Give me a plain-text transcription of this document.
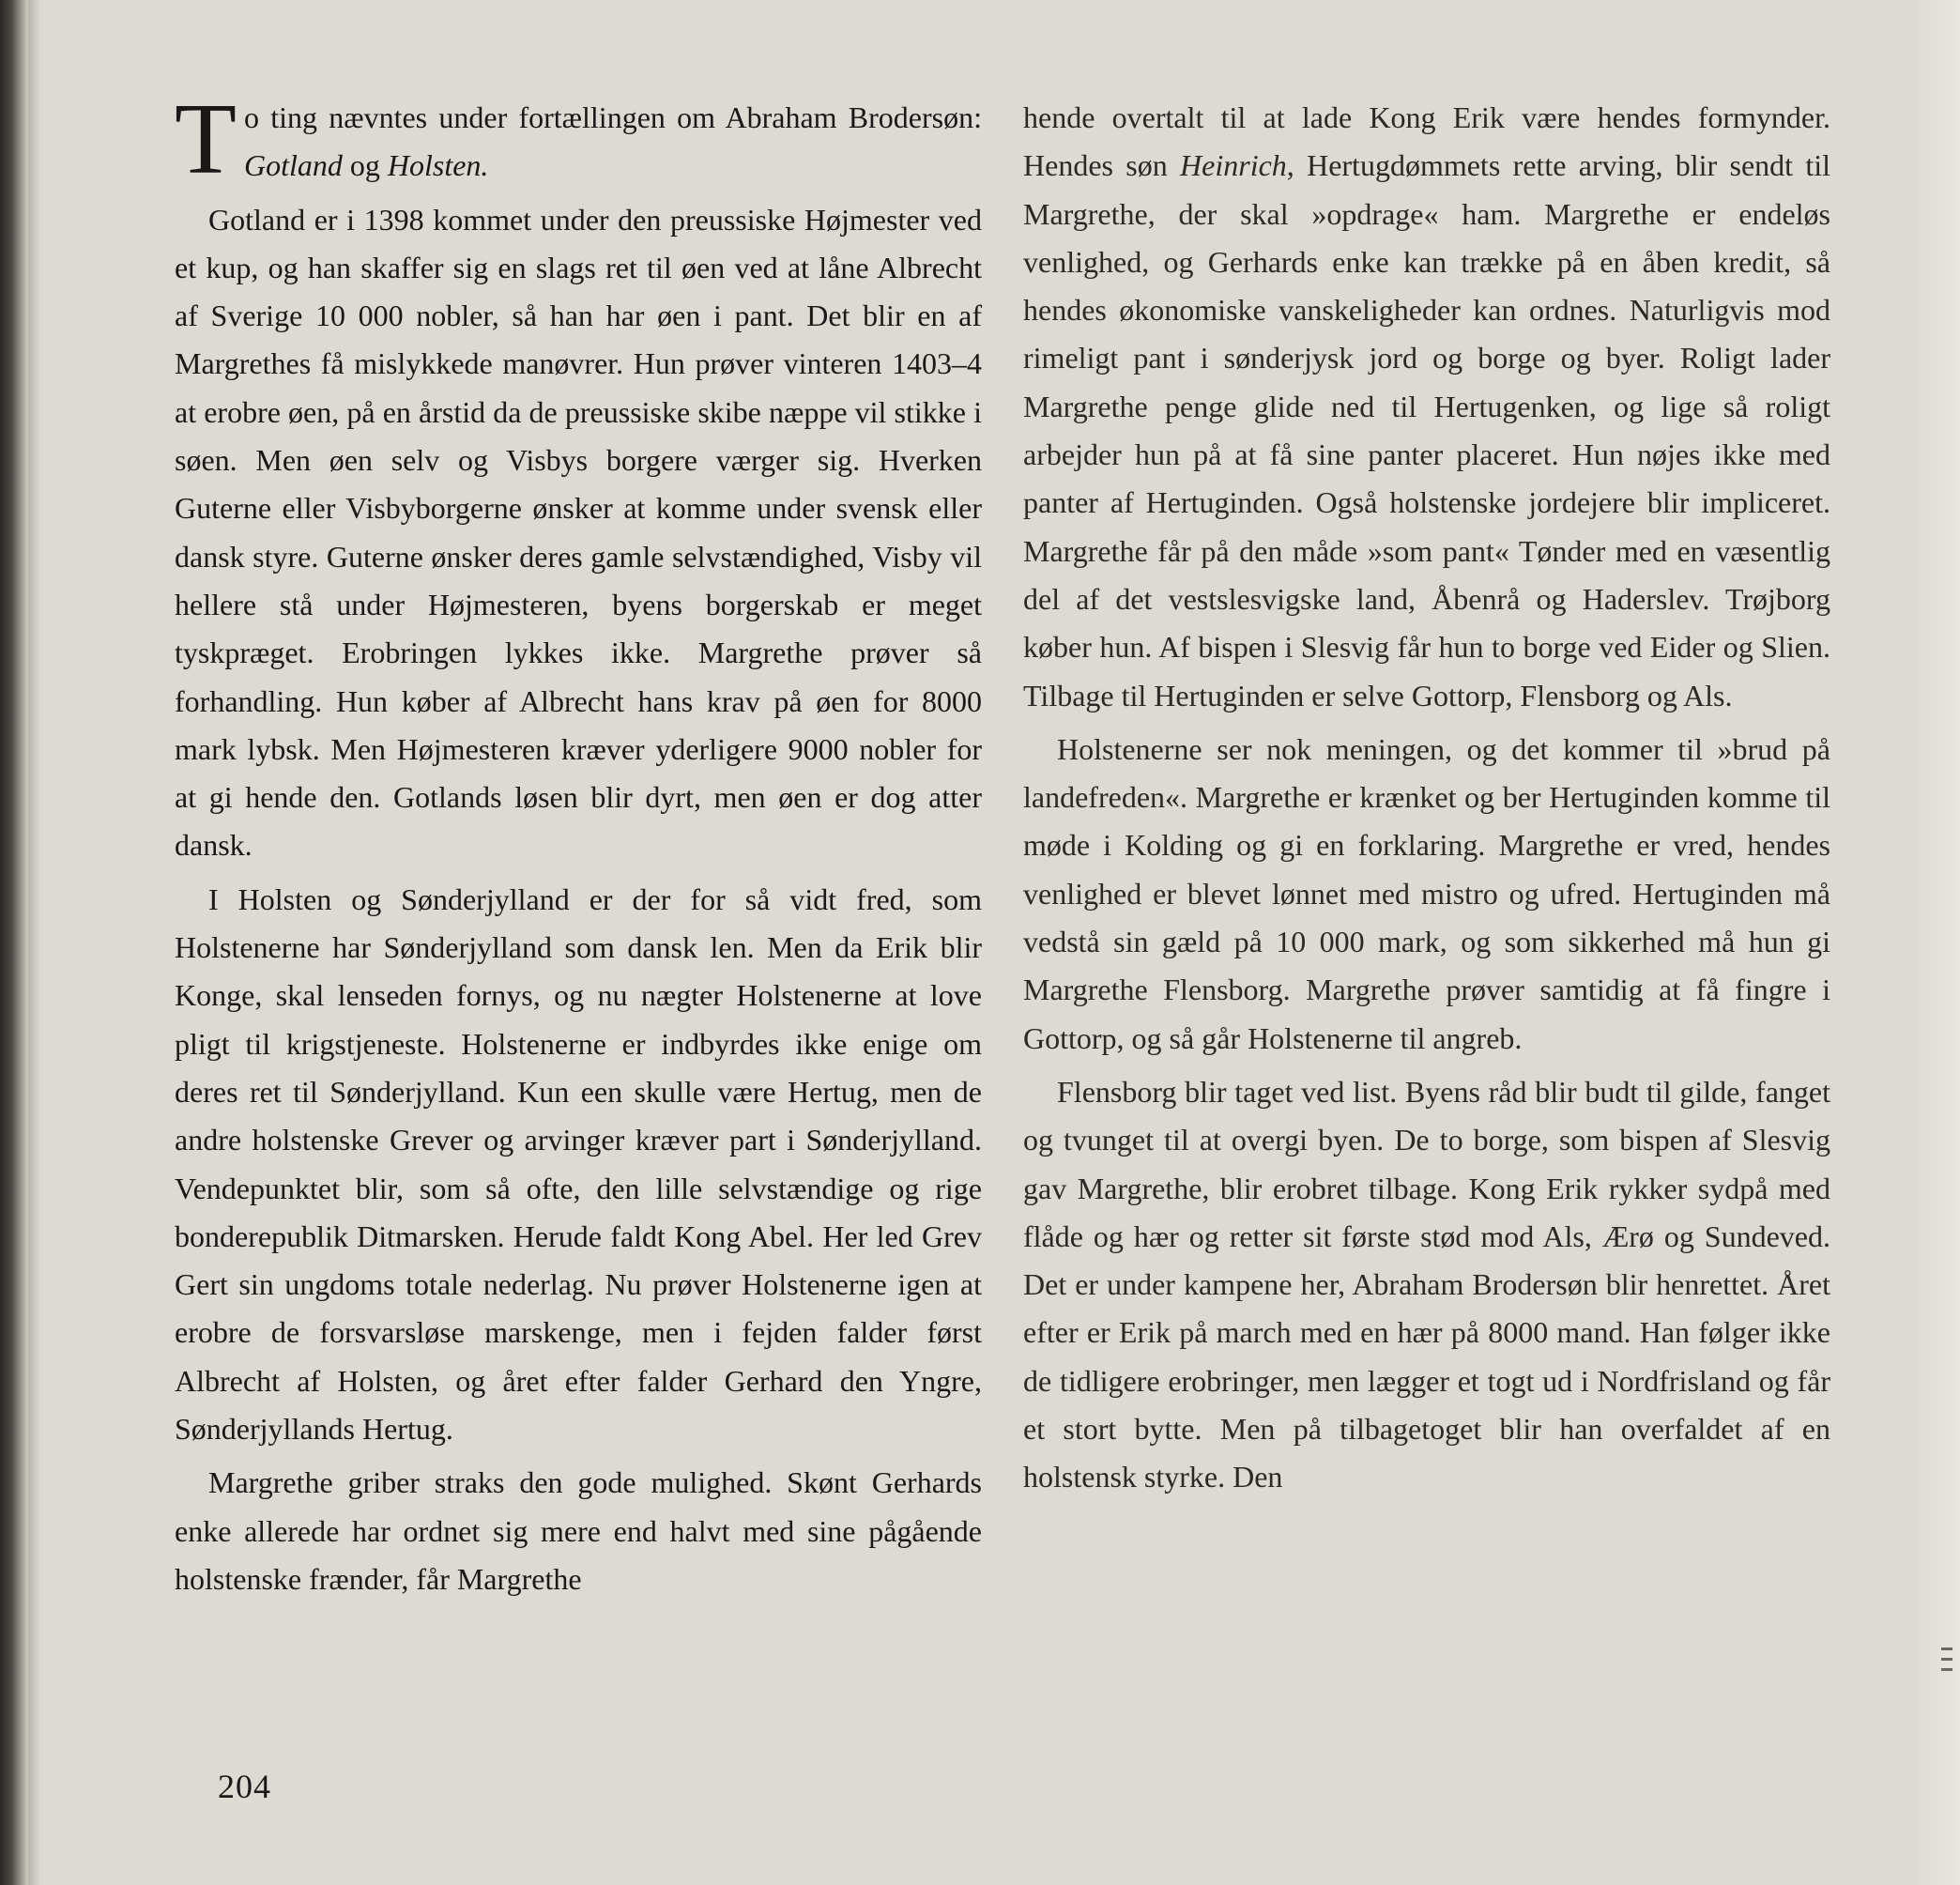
To ting nævntes under fortællingen om Abraham Brodersøn: Gotland og Holsten.

Gotland er i 1398 kommet under den preussiske Højmester ved et kup, og han skaffer sig en slags ret til øen ved at låne Albrecht af Sverige 10 000 nobler, så han har øen i pant. Det blir en af Margrethes få mislykkede manøvrer. Hun prøver vinteren 1403–4 at erobre øen, på en årstid da de preussiske skibe næppe vil stikke i søen. Men øen selv og Visbys borgere værger sig. Hverken Guterne eller Visbyborgerne ønsker at komme under svensk eller dansk styre. Guterne ønsker deres gamle selvstændighed, Visby vil hellere stå under Højmesteren, byens borgerskab er meget tyskpræget. Erobringen lykkes ikke. Margrethe prøver så forhandling. Hun køber af Albrecht hans krav på øen for 8000 mark lybsk. Men Højmesteren kræver yderligere 9000 nobler for at gi hende den. Gotlands løsen blir dyrt, men øen er dog atter dansk.

I Holsten og Sønderjylland er der for så vidt fred, som Holstenerne har Sønderjylland som dansk len. Men da Erik blir Konge, skal lenseden fornys, og nu nægter Holstenerne at love pligt til krigstjeneste. Holstenerne er indbyrdes ikke enige om deres ret til Sønderjylland. Kun een skulle være Hertug, men de andre holstenske Grever og arvinger kræver part i Sønderjylland. Vendepunktet blir, som så ofte, den lille selvstændige og rige bonderepublik Ditmarsken. Herude faldt Kong Abel. Her led Grev Gert sin ungdoms totale nederlag. Nu prøver Holstenerne igen at erobre de forsvarsløse marskenge, men i fejden falder først Albrecht af Holsten, og året efter falder Gerhard den Yngre, Sønderjyllands Hertug.

Margrethe griber straks den gode mulighed. Skønt Gerhards enke allerede har ordnet sig mere end halvt med sine pågående holstenske frænder, får Margrethe

hende overtalt til at lade Kong Erik være hendes formynder. Hendes søn Heinrich, Hertugdømmets rette arving, blir sendt til Margrethe, der skal »opdrage« ham. Margrethe er endeløs venlighed, og Gerhards enke kan trække på en åben kredit, så hendes økonomiske vanskeligheder kan ordnes. Naturligvis mod rimeligt pant i sønderjysk jord og borge og byer. Roligt lader Margrethe penge glide ned til Hertugenken, og lige så roligt arbejder hun på at få sine panter placeret. Hun nøjes ikke med panter af Hertuginden. Også holstenske jordejere blir impliceret. Margrethe får på den måde »som pant« Tønder med en væsentlig del af det vestslesvigske land, Åbenrå og Haderslev. Trøjborg køber hun. Af bispen i Slesvig får hun to borge ved Eider og Slien. Tilbage til Hertuginden er selve Gottorp, Flensborg og Als.

Holstenerne ser nok meningen, og det kommer til »brud på landefreden«. Margrethe er krænket og ber Hertuginden komme til møde i Kolding og gi en forklaring. Margrethe er vred, hendes venlighed er blevet lønnet med mistro og ufred. Hertuginden må vedstå sin gæld på 10 000 mark, og som sikkerhed må hun gi Margrethe Flensborg. Margrethe prøver samtidig at få fingre i Gottorp, og så går Holstenerne til angreb.

Flensborg blir taget ved list. Byens råd blir budt til gilde, fanget og tvunget til at overgi byen. De to borge, som bispen af Slesvig gav Margrethe, blir erobret tilbage. Kong Erik rykker sydpå med flåde og hær og retter sit første stød mod Als, Ærø og Sundeved. Det er under kampene her, Abraham Brodersøn blir henrettet. Året efter er Erik på march med en hær på 8000 mand. Han følger ikke de tidligere erobringer, men lægger et togt ud i Nordfrisland og får et stort bytte. Men på tilbagetoget blir han overfaldet af en holstensk styrke. Den

204
